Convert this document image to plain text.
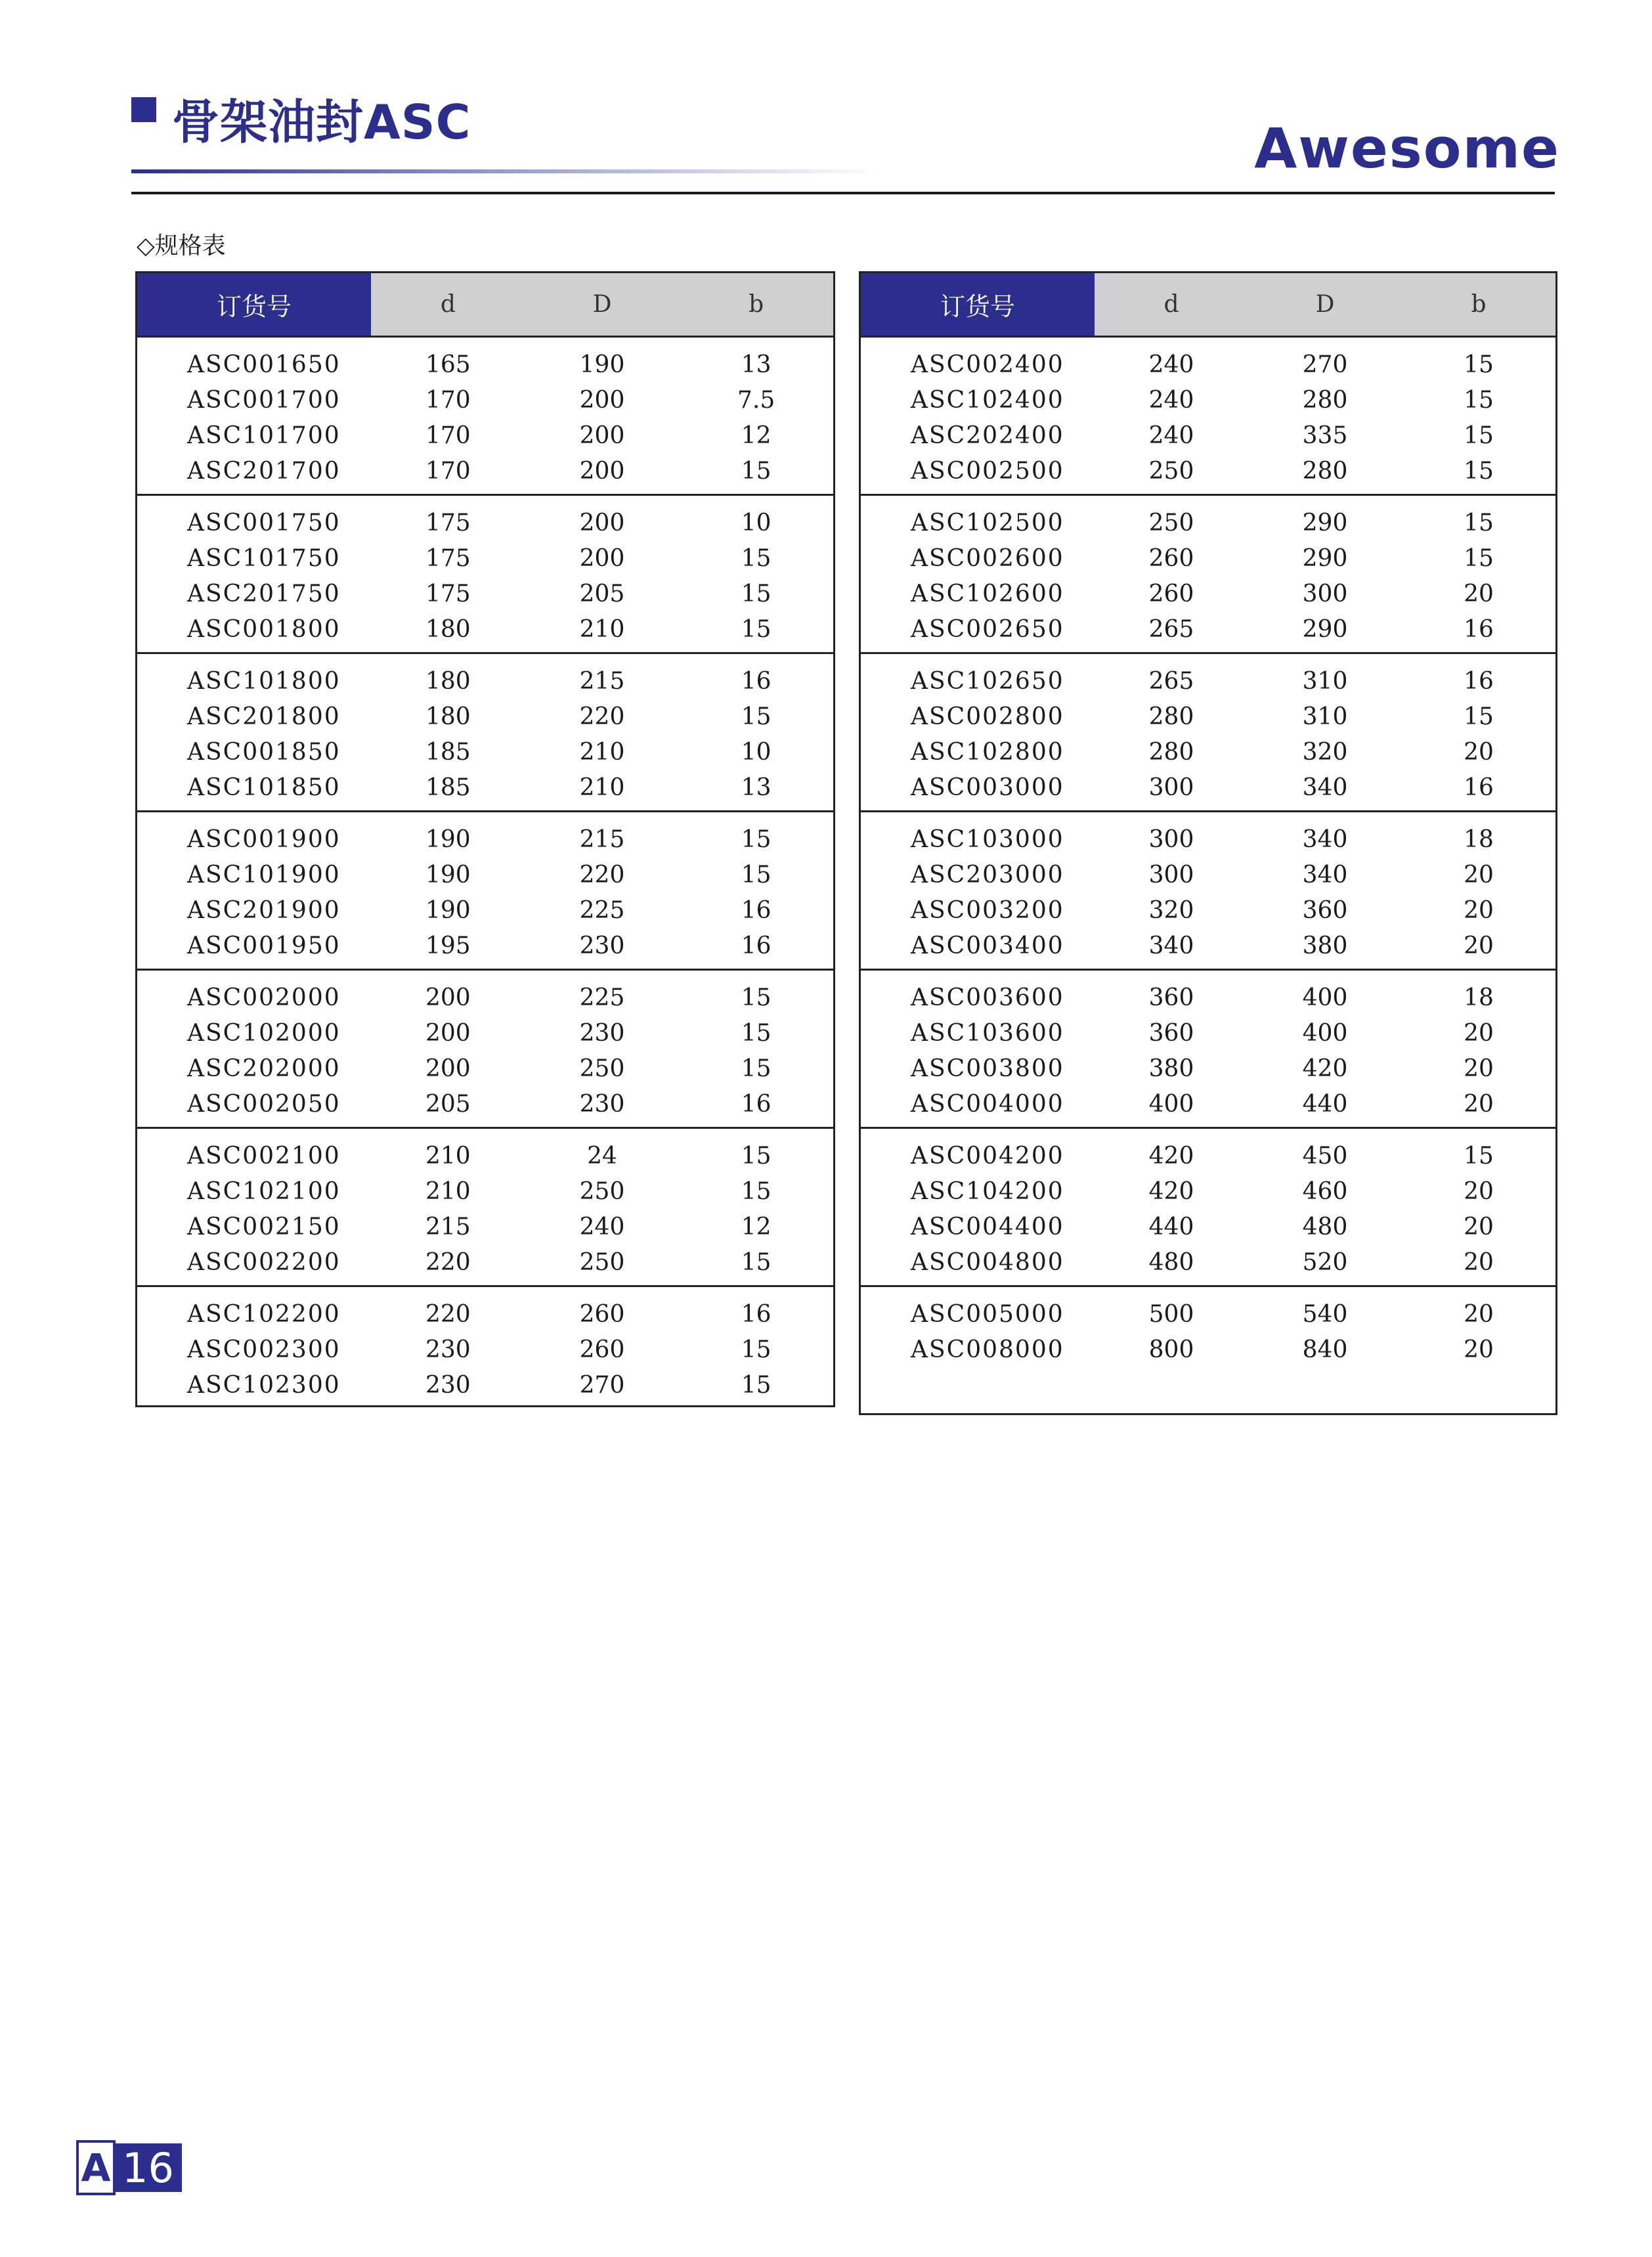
骨架油封ASC	Awesome
◇规格表
订货号	d	D	b
ASC001650	165	190	13
ASC001700	170	200	7.5
ASC101700	170	200	12
ASC201700	170	200	15
ASC001750	175	200	10
ASC101750	175	200	15
ASC201750	175	205	15
ASC001800	180	210	15
ASC101800	180	215	16
ASC201800	180	220	15
ASC001850	185	210	10
ASC101850	185	210	13
ASC001900	190	215	15
ASC101900	190	220	15
ASC201900	190	225	16
ASC001950	195	230	16
ASC002000	200	225	15
ASC102000	200	230	15
ASC202000	200	250	15
ASC002050	205	230	16
ASC002100	210	24	15
ASC102100	210	250	15
ASC002150	215	240	12
ASC002200	220	250	15
ASC102200	220	260	16
ASC002300	230	260	15
ASC102300	230	270	15
订货号	d	D	b
ASC002400	240	270	15
ASC102400	240	280	15
ASC202400	240	335	15
ASC002500	250	280	15
ASC102500	250	290	15
ASC002600	260	290	15
ASC102600	260	300	20
ASC002650	265	290	16
ASC102650	265	310	16
ASC002800	280	310	15
ASC102800	280	320	20
ASC003000	300	340	16
ASC103000	300	340	18
ASC203000	300	340	20
ASC003200	320	360	20
ASC003400	340	380	20
ASC003600	360	400	18
ASC103600	360	400	20
ASC003800	380	420	20
ASC004000	400	440	20
ASC004200	420	450	15
ASC104200	420	460	20
ASC004400	440	480	20
ASC004800	480	520	20
ASC005000	500	540	20
ASC008000	800	840	20
A 16
